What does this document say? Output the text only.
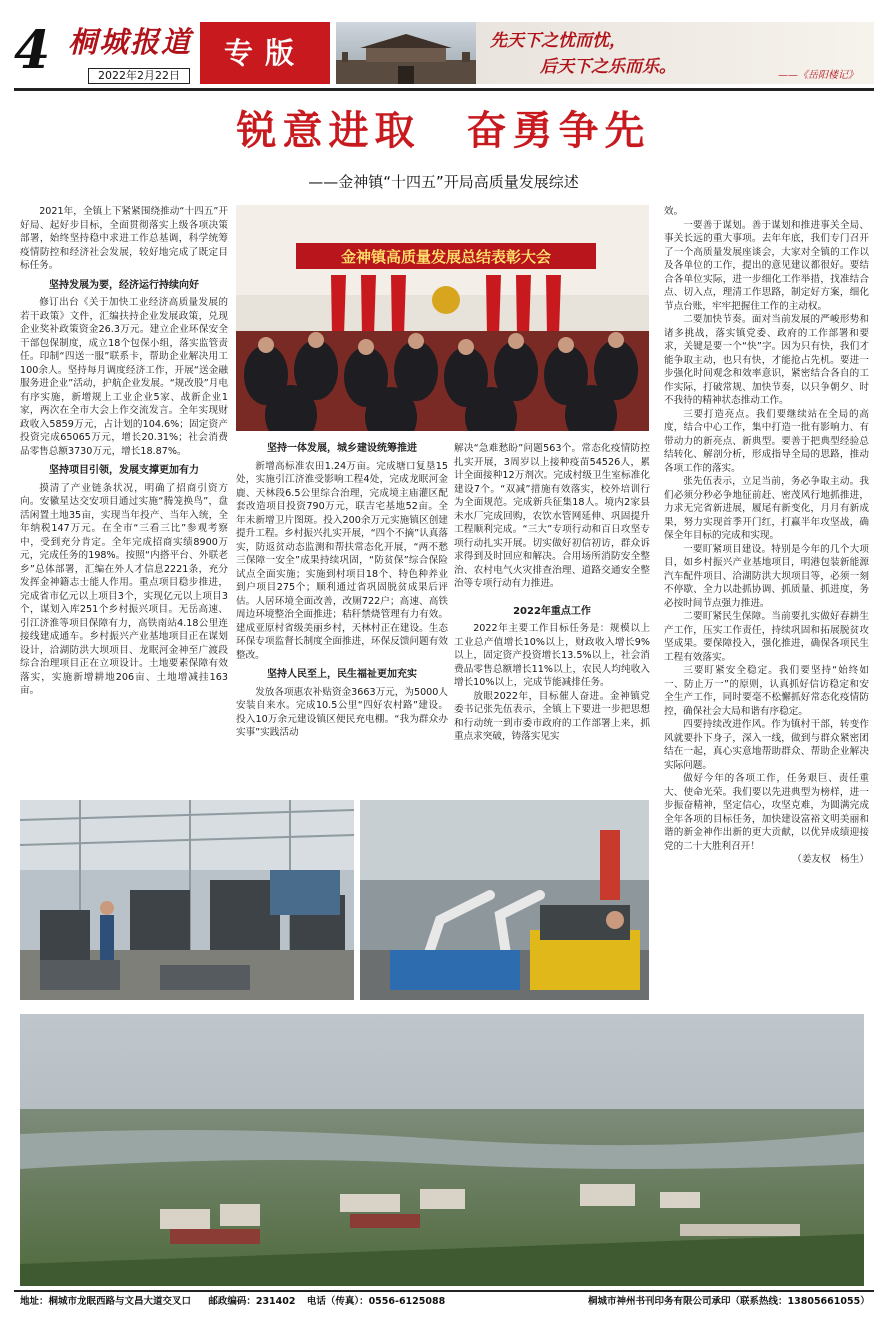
4 桐城报道
2022年2月22日
专版	先天下之忧而忧，
后天下之乐而乐。	——《岳阳楼记》
锐意进取　奋勇争先
——金神镇“十四五”开局高质量发展综述

2021年，全镇上下紧紧围绕推动“十四五”开好局、起好步目标，全面贯彻落实上级各项决策部署，始终坚持稳中求进工作总基调，科学统筹疫情防控和经济社会发展，较好地完成了既定目标任务。

坚持发展为要，经济运行持续向好

修订出台《关于加快工业经济高质量发展的若干政策》文件，汇编扶持企业发展政策，兑现企业奖补政策资金26.3万元。建立企业环保安全干部包保制度，成立18个包保小组，落实监管责任。印制“四送一服”联系卡，帮助企业解决用工100余人。坚持每月调度经济工作，开展“送金融服务进企业”活动，护航企业发展。“规改股”月电有序实施，新增规上工业企业5家、战新企业1家，两次在全市大会上作交流发言。全年实现财政收入5859万元，占计划的104.6%；固定资产投资完成65065万元，增长20.31%；社会消费品零售总额3730万元，增长18.87%。

坚持项目引领，发展支撑更加有力

摸清了产业链条状况，明确了招商引资方向。安徽星达交安项目通过实施“腾笼换鸟”，盘活闲置土地35亩，实现当年投产、当年入统，全年纳税147万元。在全市“三看三比”参观考察中，受到充分肯定。全年完成招商实绩8900万元，完成任务的198%。按照“内搭平台、外联老乡”总体部署，汇编在外人才信息2221条，充分发挥金神籍志士能人作用。重点项目稳步推进，完成省市亿元以上项目3个，实现亿元以上项目3个，谋划入库251个乡村振兴项目。无岳高速、引江济淮等项目保障有力，高铁南站4.18公里连接线建成通车。乡村振兴产业基地项目正在谋划设计，洽湖防洪大坝项目、龙眠河金神至广渡段综合治理项目正在立项设计。土地要素保障有效落实，实施新增耕地206亩、土地增减挂163亩。

金神镇高质量发展总结表彰大会
坚持一体发展，城乡建设统筹推进

新增高标准农田1.24万亩。完成塘口复垦15处，实施引江济淮受影响工程4处，完成龙眠河金鹿、天林段6.5公里综合治理，完成境主庙灌区配套改造项目投资790万元，联吉宅基地52亩。全年未新增卫片图斑。投入200余万元实施镇区创建提升工程。乡村振兴扎实开展，“四个不摘”认真落实，防返贫动态监测和帮扶常态化开展，“两不愁三保障一安全”成果持续巩固，“防贫保”综合保险试点全面实施；实施到村项目18个、特色种养业到户项目275个；顺利通过省巩固脱贫成果后评估。人居环境全面改善，改厕722户；高速、高铁周边环境整治全面推进；秸秆禁烧管理有力有效。建成亚原村省级美丽乡村，天林村正在建设。生态环保专项监督长制度全面推进，环保反馈问题有效整改。

坚持人民至上，民生福祉更加充实

发放各项惠农补贴资金3663万元，为5000人安装自来水。完成10.5公里“四好农村路”建设。投入10万余元建设镇区便民充电棚。“我为群众办实事”实践活动

解决“急难愁盼”问题563个。常态化疫情防控扎实开展，3周岁以上接种疫苗54526人，累计全面接种12万剂次。完成村级卫生室标准化建设7个。“双减”措施有效落实，校外培训行为全面规范。完成新兵征集18人。境内2家县未水厂完成回购，农饮水管网延伸、巩固提升工程顺利完成。“三大”专项行动和百日攻坚专项行动扎实开展。切实做好初信初访，群众诉求得到及时回应和解决。合用场所消防安全整治、农村电气火灾排查治理、道路交通安全整治等专项行动有力推进。

2022年重点工作

2022年主要工作目标任务是：规模以上工业总产值增长10%以上，财政收入增长9%以上，固定资产投资增长13.5%以上，社会消费品零售总额增长11%以上，农民人均纯收入增长10%以上，完成节能减排任务。

放眼2022年，目标催人奋进。金神镇党委书记张先伍表示，全镇上下要进一步把思想和行动统一到市委市政府的工作部署上来，抓重点求突破，铸落实见实

效。

一要善于谋划。善于谋划和推进事关全局、事关长远的重大事项。去年年底，我们专门召开了一个高质量发展座谈会，大家对全镇的工作以及各单位的工作，提出的意见建议都很好。要结合各单位实际，进一步细化工作举措，找准结合点、切入点，理清工作思路，制定好方案，细化节点台账，牢牢把握住工作的主动权。

二要加快节奏。面对当前发展的严峻形势和诸多挑战，落实镇党委、政府的工作部署和要求，关键是要一个“快”字。因为只有快，我们才能争取主动，也只有快，才能抢占先机。要进一步强化时间观念和效率意识，紧密结合各自的工作实际，打破常规、加快节奏，以只争朝夕、时不我待的精神状态推动工作。

三要打造亮点。我们要继续站在全局的高度，结合中心工作，集中打造一批有影响力、有带动力的新亮点、新典型。要善于把典型经验总结转化、解剖分析，形成指导全局的思路，推动各项工作的落实。

张先伍表示，立足当前，务必争取主动。我们必须分秒必争地征前赶、密茂风行地抓推进，力求无完省新进展，履尾有新变化，月月有新成果，努力实现首季开门红，打赢半年攻坚战，确保全年目标的完成和实现。

一要盯紧项目建设。特别是今年的几个大项目，如乡村振兴产业基地项目，明港包装新能源汽车配件项目、洽湖防洪大坝项目等，必须一刻不停歇、全力以赴抓协调、抓质量、抓进度，务必按时间节点强力推进。

二要盯紧民生保障。当前要扎实做好春耕生产工作，压实工作责任，持续巩固和拓展脱贫攻坚成果。要保障投入，强化推进，确保各项民生工程有效落实。

三要盯紧安全稳定。我们要坚持“始终如一、防止万一”的原则，认真抓好信访稳定和安全生产工作，同时要毫不松懈抓好常态化疫情防控，确保社会大局和谐有序稳定。

四要持续改进作风。作为镇村干部，转变作风就要扑下身子，深入一线，做到与群众紧密团结在一起，真心实意地帮助群众、帮助企业解决实际问题。

做好今年的各项工作，任务艰巨、责任重大、使命光荣。我们要以先进典型为榜样，进一步振奋精神，坚定信心，攻坚克难，为圆满完成全年各项的目标任务，加快建设富裕文明美丽和谐的新金神作出新的更大贡献，以优异成绩迎接党的二十大胜利召开！

（姜友权　杨生）

地址：桐城市龙眠西路与文昌大道交叉口 邮政编码：231402 电话（传真）：0556-6125088	桐城市神州书刊印务有限公司承印（联系热线：13805661055）
